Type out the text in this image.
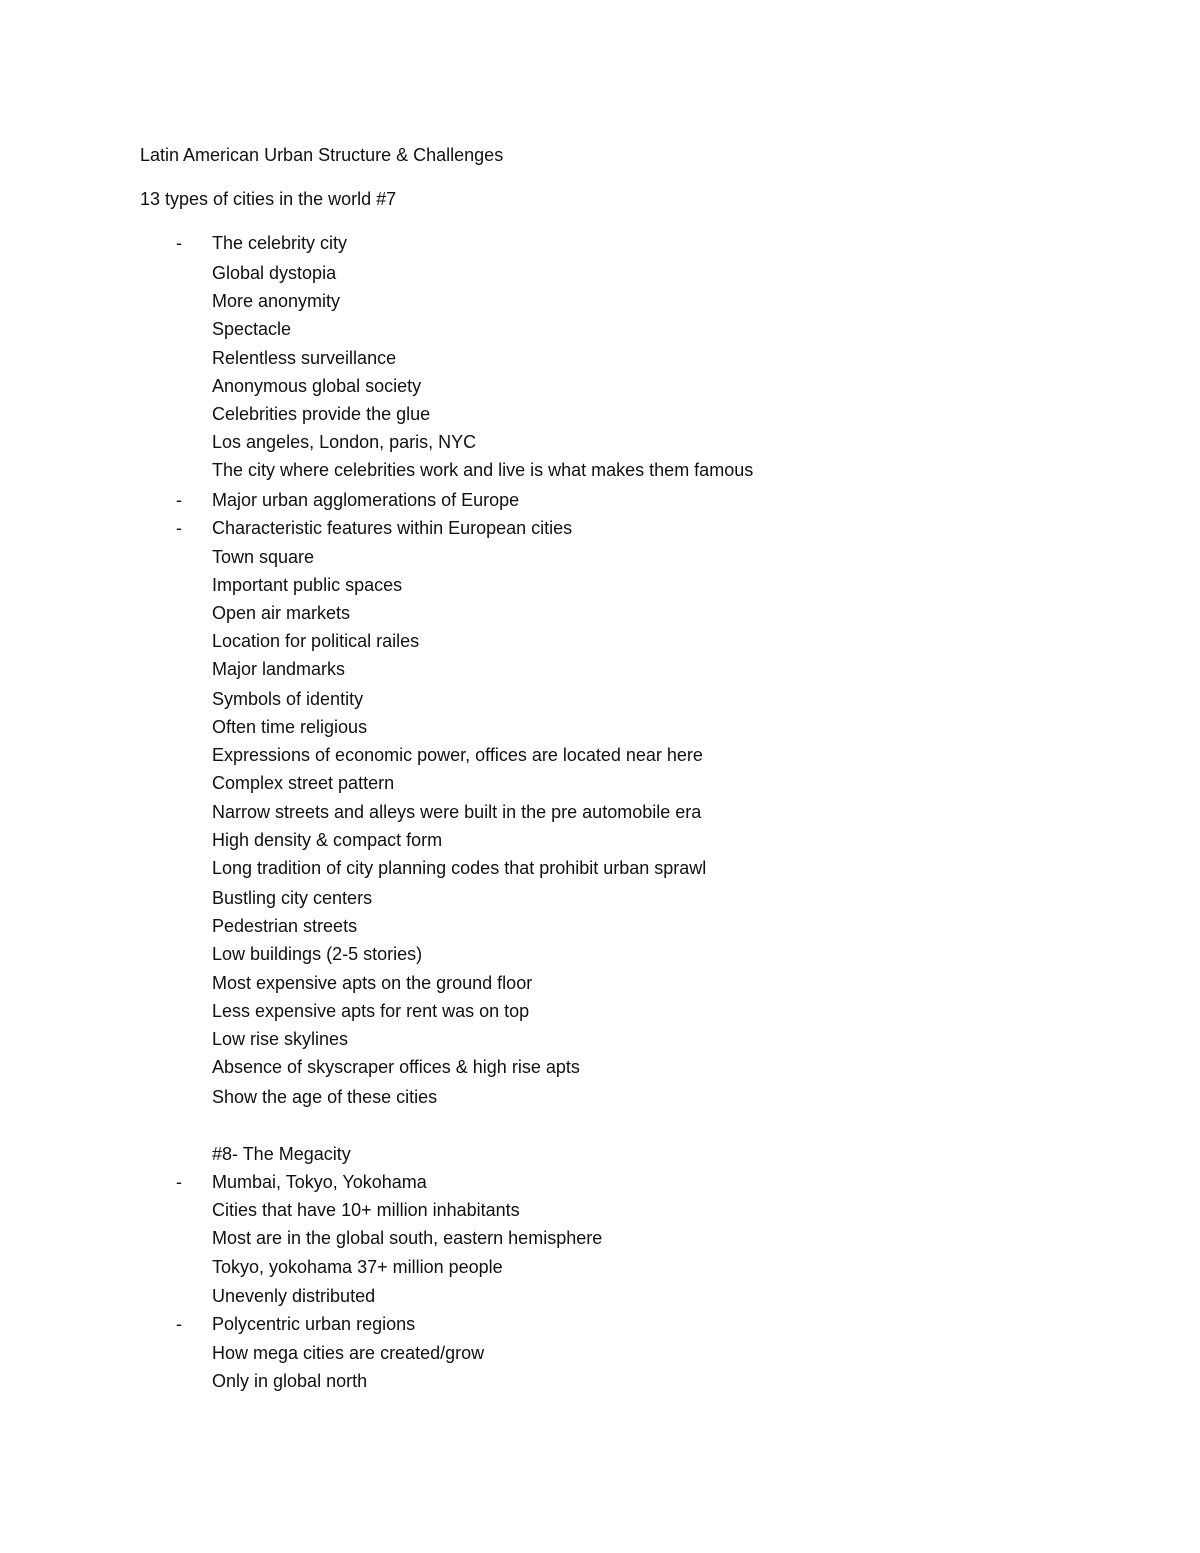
Latin American Urban Structure & Challenges
13 types of cities in the world #7
- The celebrity city
Global dystopia
More anonymity
Spectacle
Relentless surveillance
Anonymous global society
Celebrities provide the glue
Los angeles, London, paris, NYC
The city where celebrities work and live is what makes them famous
- Major urban agglomerations of Europe
- Characteristic features within European cities
Town square
Important public spaces
Open air markets
Location for political railes
Major landmarks
Symbols of identity
Often time religious
Expressions of economic power, offices are located near here
Complex street pattern
Narrow streets and alleys were built in the pre automobile era
High density & compact form
Long tradition of city planning codes that prohibit urban sprawl
Bustling city centers
Pedestrian streets
Low buildings (2-5 stories)
Most expensive apts on the ground floor
Less expensive apts for rent was on top
Low rise skylines
Absence of skyscraper offices & high rise apts
Show the age of these cities
#8- The Megacity
- Mumbai, Tokyo, Yokohama
Cities that have 10+ million inhabitants
Most are in the global south, eastern hemisphere
Tokyo, yokohama 37+ million people
Unevenly distributed
- Polycentric urban regions
How mega cities are created/grow
Only in global north
